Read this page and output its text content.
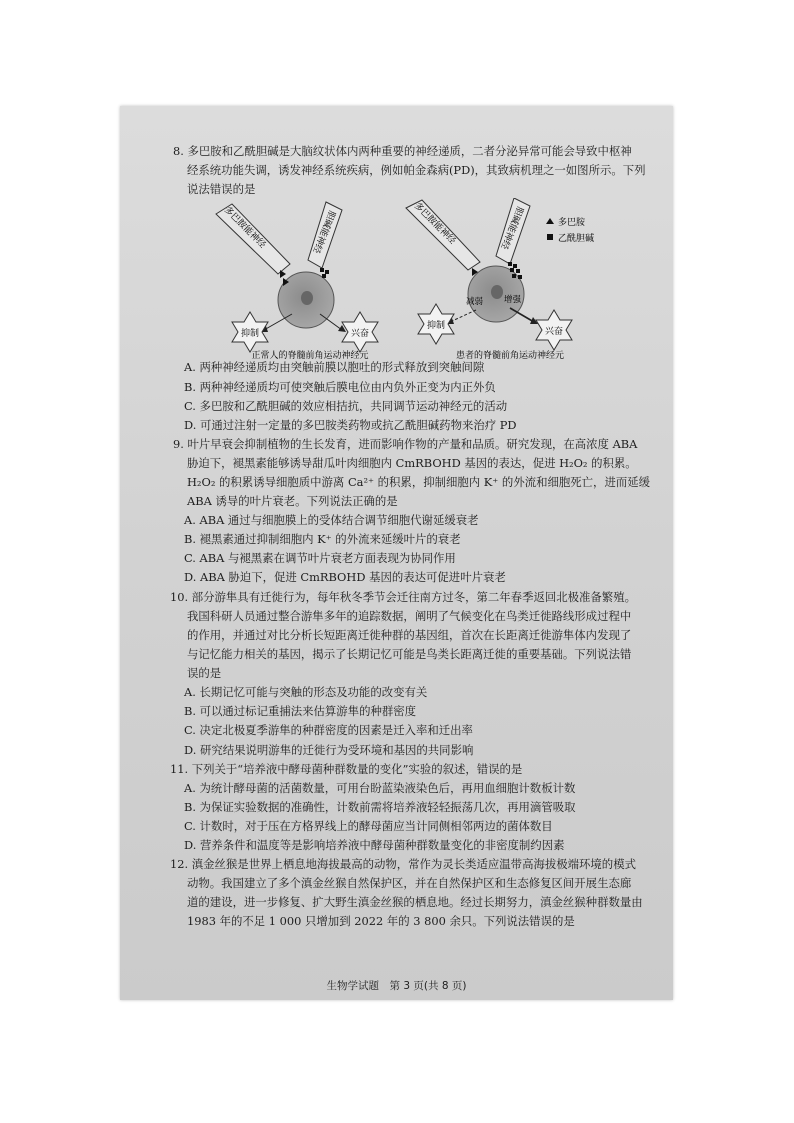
8. 多巴胺和乙酰胆碱是大脑纹状体内两种重要的神经递质，二者分泌异常可能会导致中枢神
经系统功能失调，诱发神经系统疾病，例如帕金森病(PD)，其致病机理之一如图所示。下列
说法错误的是
多巴胺能神经	胆碱能神经
抑制	兴奋
正常人的脊髓前角运动神经元
多巴胺能神经	胆碱能神经
减弱 增强
抑制
兴奋
患者的脊髓前角运动神经元
多巴胺
乙酰胆碱
A. 两种神经递质均由突触前膜以胞吐的形式释放到突触间隙
B. 两种神经递质均可使突触后膜电位由内负外正变为内正外负
C. 多巴胺和乙酰胆碱的效应相拮抗，共同调节运动神经元的活动
D. 可通过注射一定量的多巴胺类药物或抗乙酰胆碱药物来治疗 PD
9. 叶片早衰会抑制植物的生长发育，进而影响作物的产量和品质。研究发现，在高浓度 ABA
胁迫下，褪黑素能够诱导甜瓜叶肉细胞内 CmRBOHD 基因的表达，促进 H₂O₂ 的积累。
H₂O₂ 的积累诱导细胞质中游离 Ca²⁺ 的积累，抑制细胞内 K⁺ 的外流和细胞死亡，进而延缓
ABA 诱导的叶片衰老。下列说法正确的是
A. ABA 通过与细胞膜上的受体结合调节细胞代谢延缓衰老
B. 褪黑素通过抑制细胞内 K⁺ 的外流来延缓叶片的衰老
C. ABA 与褪黑素在调节叶片衰老方面表现为协同作用
D. ABA 胁迫下，促进 CmRBOHD 基因的表达可促进叶片衰老
10. 部分游隼具有迁徙行为，每年秋冬季节会迁往南方过冬，第二年春季返回北极准备繁殖。
我国科研人员通过整合游隼多年的追踪数据，阐明了气候变化在鸟类迁徙路线形成过程中
的作用，并通过对比分析长短距离迁徙种群的基因组，首次在长距离迁徙游隼体内发现了
与记忆能力相关的基因，揭示了长期记忆可能是鸟类长距离迁徙的重要基础。下列说法错
误的是
A. 长期记忆可能与突触的形态及功能的改变有关
B. 可以通过标记重捕法来估算游隼的种群密度
C. 决定北极夏季游隼的种群密度的因素是迁入率和迁出率
D. 研究结果说明游隼的迁徙行为受环境和基因的共同影响
11. 下列关于“培养液中酵母菌种群数量的变化”实验的叙述，错误的是
A. 为统计酵母菌的活菌数量，可用台盼蓝染液染色后，再用血细胞计数板计数
B. 为保证实验数据的准确性，计数前需将培养液轻轻振荡几次，再用滴管吸取
C. 计数时，对于压在方格界线上的酵母菌应当计同侧相邻两边的菌体数目
D. 营养条件和温度等是影响培养液中酵母菌种群数量变化的非密度制约因素
12. 滇金丝猴是世界上栖息地海拔最高的动物，常作为灵长类适应温带高海拔极端环境的模式
动物。我国建立了多个滇金丝猴自然保护区，并在自然保护区和生态修复区间开展生态廊
道的建设，进一步修复、扩大野生滇金丝猴的栖息地。经过长期努力，滇金丝猴种群数量由
1983 年的不足 1 000 只增加到 2022 年的 3 800 余只。下列说法错误的是
生物学试题　第 3 页(共 8 页)
